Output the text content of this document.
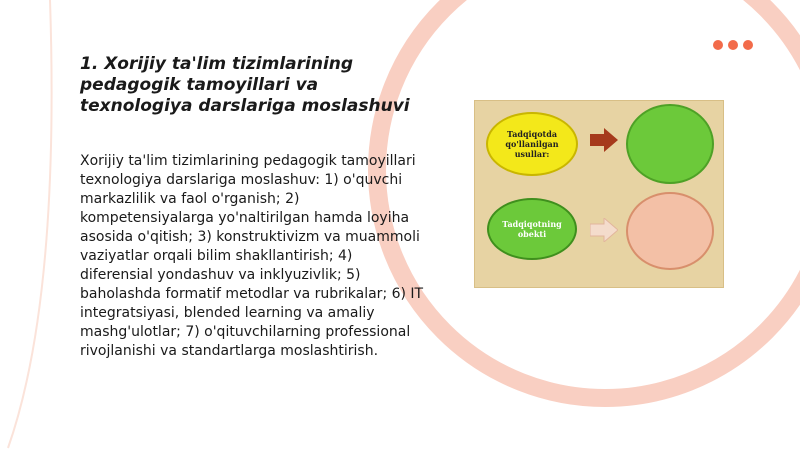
1. Xorijiy ta'lim tizimlarining pedagogik tamoyillari va texnologiya darslariga moslashuvi

Xorijiy ta'lim tizimlarining pedagogik tamoyillari texnologiya darslariga moslashuv: 1) o'quvchi markazlilik va faol o'rganish; 2) kompetensiyalarga yo'naltirilgan hamda loyiha asosida o'qitish; 3) konstruktivizm va muammoli vaziyatlar orqali bilim shakllantirish; 4) diferensial yondashuv va inklyuzivlik; 5) baholashda formatif metodlar va rubrikalar; 6) IT integratsiyasi, blended learning va amaliy mashg'ulotlar; 7) o'qituvchilarning professional rivojlanishi va standartlarga moslashtirish.

Tadqiqotda qo'llanilgan usullar:
Tadqiqotning obekti
